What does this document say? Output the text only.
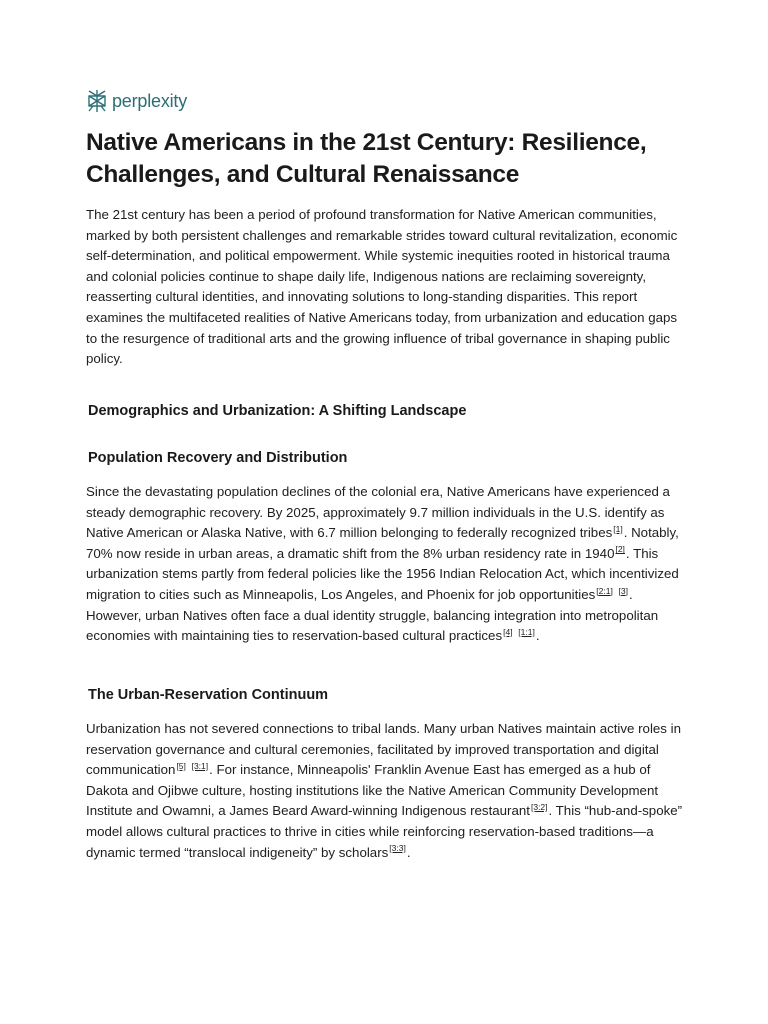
perplexity
Native Americans in the 21st Century: Resilience, Challenges, and Cultural Renaissance

The 21st century has been a period of profound transformation for Native American communities, marked by both persistent challenges and remarkable strides toward cultural revitalization, economic self-determination, and political empowerment. While systemic inequities rooted in historical trauma and colonial policies continue to shape daily life, Indigenous nations are reclaiming sovereignty, reasserting cultural identities, and innovating solutions to long-standing disparities. This report examines the multifaceted realities of Native Americans today, from urbanization and education gaps to the resurgence of traditional arts and the growing influence of tribal governance in shaping public policy.

Demographics and Urbanization: A Shifting Landscape
Population Recovery and Distribution

Since the devastating population declines of the colonial era, Native Americans have experienced a steady demographic recovery. By 2025, approximately 9.7 million individuals in the U.S. identify as Native American or Alaska Native, with 6.7 million belonging to federally recognized tribes[1]. Notably, 70% now reside in urban areas, a dramatic shift from the 8% urban residency rate in 1940[2]. This urbanization stems partly from federal policies like the 1956 Indian Relocation Act, which incentivized migration to cities such as Minneapolis, Los Angeles, and Phoenix for job opportunities[2:1] [3]. However, urban Natives often face a dual identity struggle, balancing integration into metropolitan economies with maintaining ties to reservation-based cultural practices[4] [1:1].

The Urban-Reservation Continuum

Urbanization has not severed connections to tribal lands. Many urban Natives maintain active roles in reservation governance and cultural ceremonies, facilitated by improved transportation and digital communication[5] [3:1]. For instance, Minneapolis' Franklin Avenue East has emerged as a hub of Dakota and Ojibwe culture, hosting institutions like the Native American Community Development Institute and Owamni, a James Beard Award-winning Indigenous restaurant[3:2]. This “hub-and-spoke” model allows cultural practices to thrive in cities while reinforcing reservation-based traditions—a dynamic termed “translocal indigeneity” by scholars[3:3].
